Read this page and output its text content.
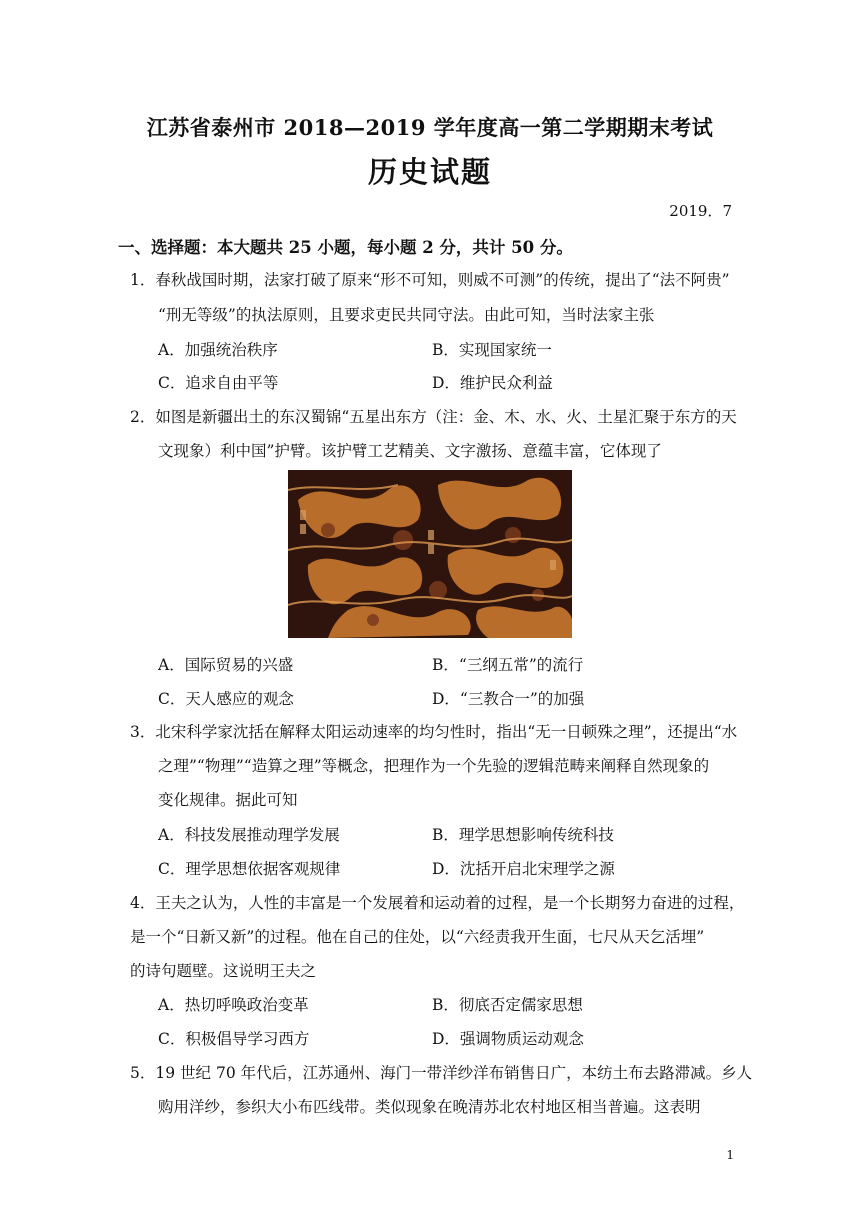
江苏省泰州市 2018—2019 学年度高一第二学期期末考试
历史试题
2019．7
一、选择题：本大题共 25 小题，每小题 2 分，共计 50 分。
1．春秋战国时期，法家打破了原来“形不可知，则威不可测”的传统，提出了“法不阿贵”
“刑无等级”的执法原则，且要求吏民共同守法。由此可知，当时法家主张
A．加强统治秩序	B．实现国家统一
C．追求自由平等	D．维护民众利益
2．如图是新疆出土的东汉蜀锦“五星出东方（注：金、木、水、火、土星汇聚于东方的天
文现象）利中国”护臂。该护臂工艺精美、文字激扬、意蕴丰富，它体现了
A．国际贸易的兴盛	B．“三纲五常”的流行
C．天人感应的观念	D．“三教合一”的加强
3．北宋科学家沈括在解释太阳运动速率的均匀性时，指出“无一日顿殊之理”，还提出“水
之理”“物理”“造算之理”等概念，把理作为一个先验的逻辑范畴来阐释自然现象的
变化规律。据此可知
A．科技发展推动理学发展	B．理学思想影响传统科技
C．理学思想依据客观规律	D．沈括开启北宋理学之源
4．王夫之认为，人性的丰富是一个发展着和运动着的过程，是一个长期努力奋进的过程，
是一个“日新又新”的过程。他在自己的住处，以“六经责我开生面，七尺从天乞活埋”
的诗句题壁。这说明王夫之
A．热切呼唤政治变革	B．彻底否定儒家思想
C．积极倡导学习西方	D．强调物质运动观念
5．19 世纪 70 年代后，江苏通州、海门一带洋纱洋布销售日广，本纺土布去路滞减。乡人
购用洋纱，参织大小布匹线带。类似现象在晚清苏北农村地区相当普遍。这表明
1
